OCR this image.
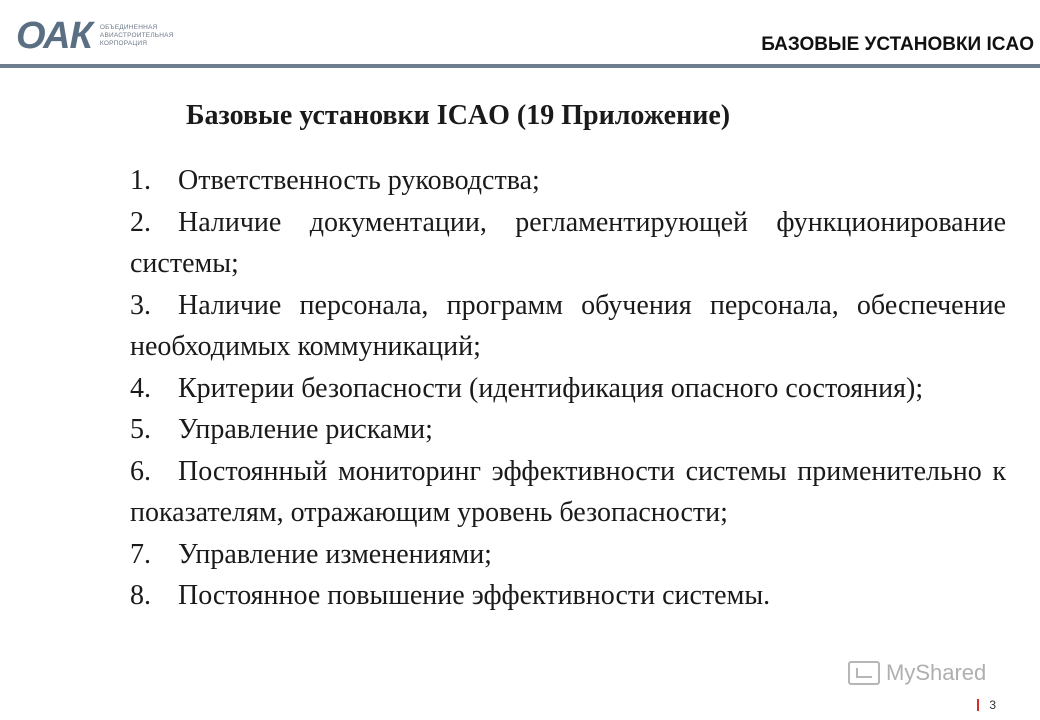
ОАК ОБЪЕДИНЕННАЯ
АВИАСТРОИТЕЛЬНАЯ
КОРПОРАЦИЯ	БАЗОВЫЕ УСТАНОВКИ ICAO
Базовые установки ICAO (19 Приложение)
1. Ответственность руководства;
2. Наличие документации, регламентирующей функционирование системы;
3. Наличие персонала, программ обучения персонала, обеспечение необходимых коммуникаций;
4. Критерии безопасности (идентификация опасного состояния);
5. Управление рисками;
6. Постоянный мониторинг эффективности системы применительно к показателям, отражающим уровень безопасности;
7. Управление изменениями;
8. Постоянное повышение эффективности системы.
MyShared
3
